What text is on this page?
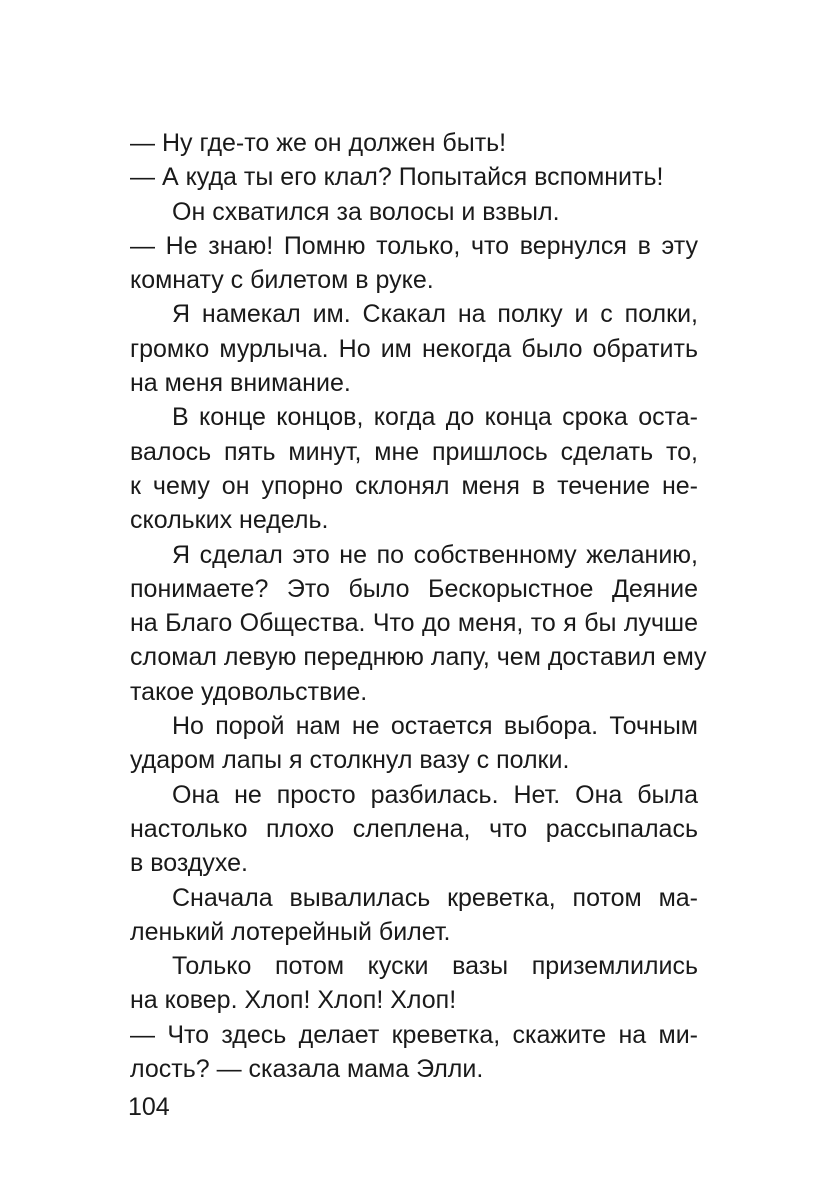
— Ну где-то же он должен быть!
— А куда ты его клал? Попытайся вспомнить!
Он схватился за волосы и взвыл.
— Не знаю! Помню только, что вернулся в эту
комнату с билетом в руке.
Я намекал им. Скакал на полку и с полки,
громко мурлыча. Но им некогда было обратить
на меня внимание.
В конце концов, когда до конца срока оста-
валось пять минут, мне пришлось сделать то,
к чему он упорно склонял меня в течение не-
скольких недель.
Я сделал это не по собственному желанию,
понимаете? Это было Бескорыстное Деяние
на Благо Общества. Что до меня, то я бы лучше
сломал левую переднюю лапу, чем доставил ему
такое удовольствие.
Но порой нам не остается выбора. Точным
ударом лапы я столкнул вазу с полки.
Она не просто разбилась. Нет. Она была
настолько плохо слеплена, что рассыпалась
в воздухе.
Сначала вывалилась креветка, потом ма-
ленький лотерейный билет.
Только потом куски вазы приземлились
на ковер. Хлоп! Хлоп! Хлоп!
— Что здесь делает креветка, скажите на ми-
лость? — сказала мама Элли.
104
